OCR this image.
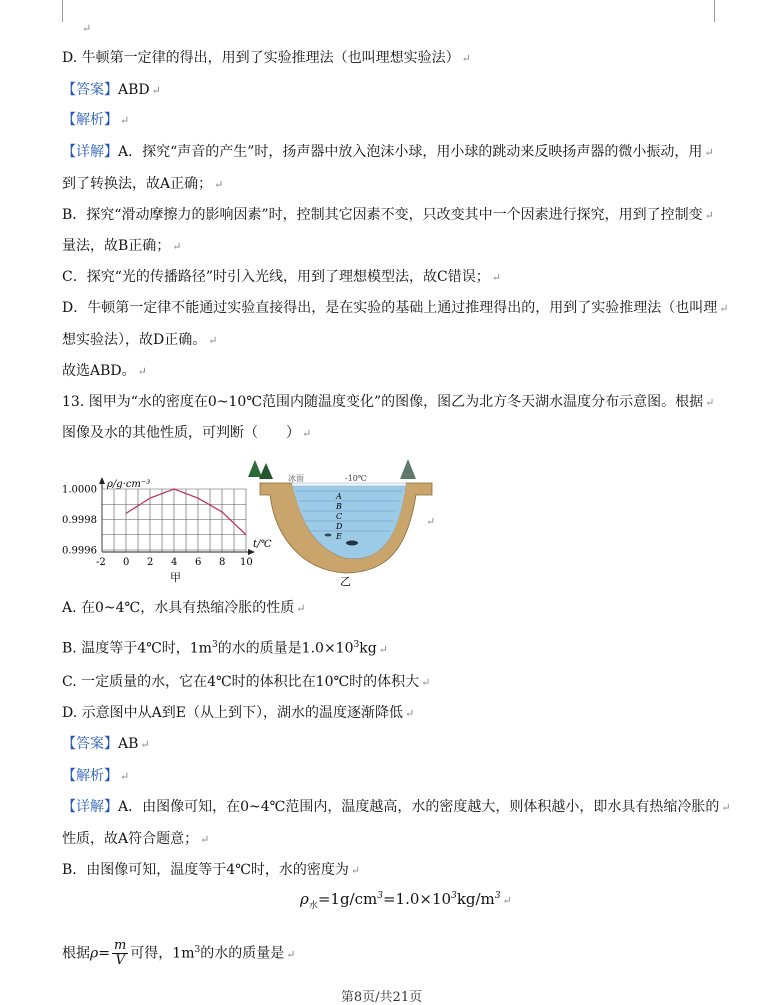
↵
D. 牛顿第一定律的得出，用到了实验推理法（也叫理想实验法） ↵
【答案】ABD ↵
【解析】 ↵
【详解】A．探究“声音的产生”时，扬声器中放入泡沫小球，用小球的跳动来反映扬声器的微小振动，用 ↵
到了转换法，故A正确； ↵
B．探究“滑动摩擦力的影响因素”时，控制其它因素不变，只改变其中一个因素进行探究，用到了控制变 ↵
量法，故B正确； ↵
C．探究“光的传播路径”时引入光线，用到了理想模型法，故C错误； ↵
D．牛顿第一定律不能通过实验直接得出，是在实验的基础上通过推理得出的，用到了实验推理法（也叫理 ↵
想实验法），故D正确。 ↵
故选ABD。 ↵
13. 图甲为“水的密度在0~10℃范围内随温度变化”的图像，图乙为北方冬天湖水温度分布示意图。根据 ↵
图像及水的其他性质，可判断（　　） ↵
A. 在0~4℃，水具有热缩冷胀的性质 ↵
C. 一定质量的水，它在4℃时的体积比在10℃时的体积大 ↵
D. 示意图中从A到E（从上到下），湖水的温度逐渐降低 ↵
【答案】AB ↵
【解析】 ↵
【详解】A．由图像可知，在0~4℃范围内，温度越高，水的密度越大，则体积越小，即水具有热缩冷胀的 ↵
性质，故A符合题意； ↵
B．由图像可知，温度等于4℃时，水的密度为 ↵
ρ/g·cm⁻³
1.0000
0.9998
0.9996
-2 0 2 4 6 8 10
t/℃
甲
冰面	-10℃
A
B
C
D
E
乙
↵
B. 温度等于4℃时，$1m^3$的水的质量是$1.0\times 10^3kg$ ↵
$\rho_水=1g/cm^3=1.0\times 10^3kg/m^3$ ↵
根据$\rho= \frac{m}{V}$ 可得，$1m^3$的水的质量是 ↵
第8页/共21页
